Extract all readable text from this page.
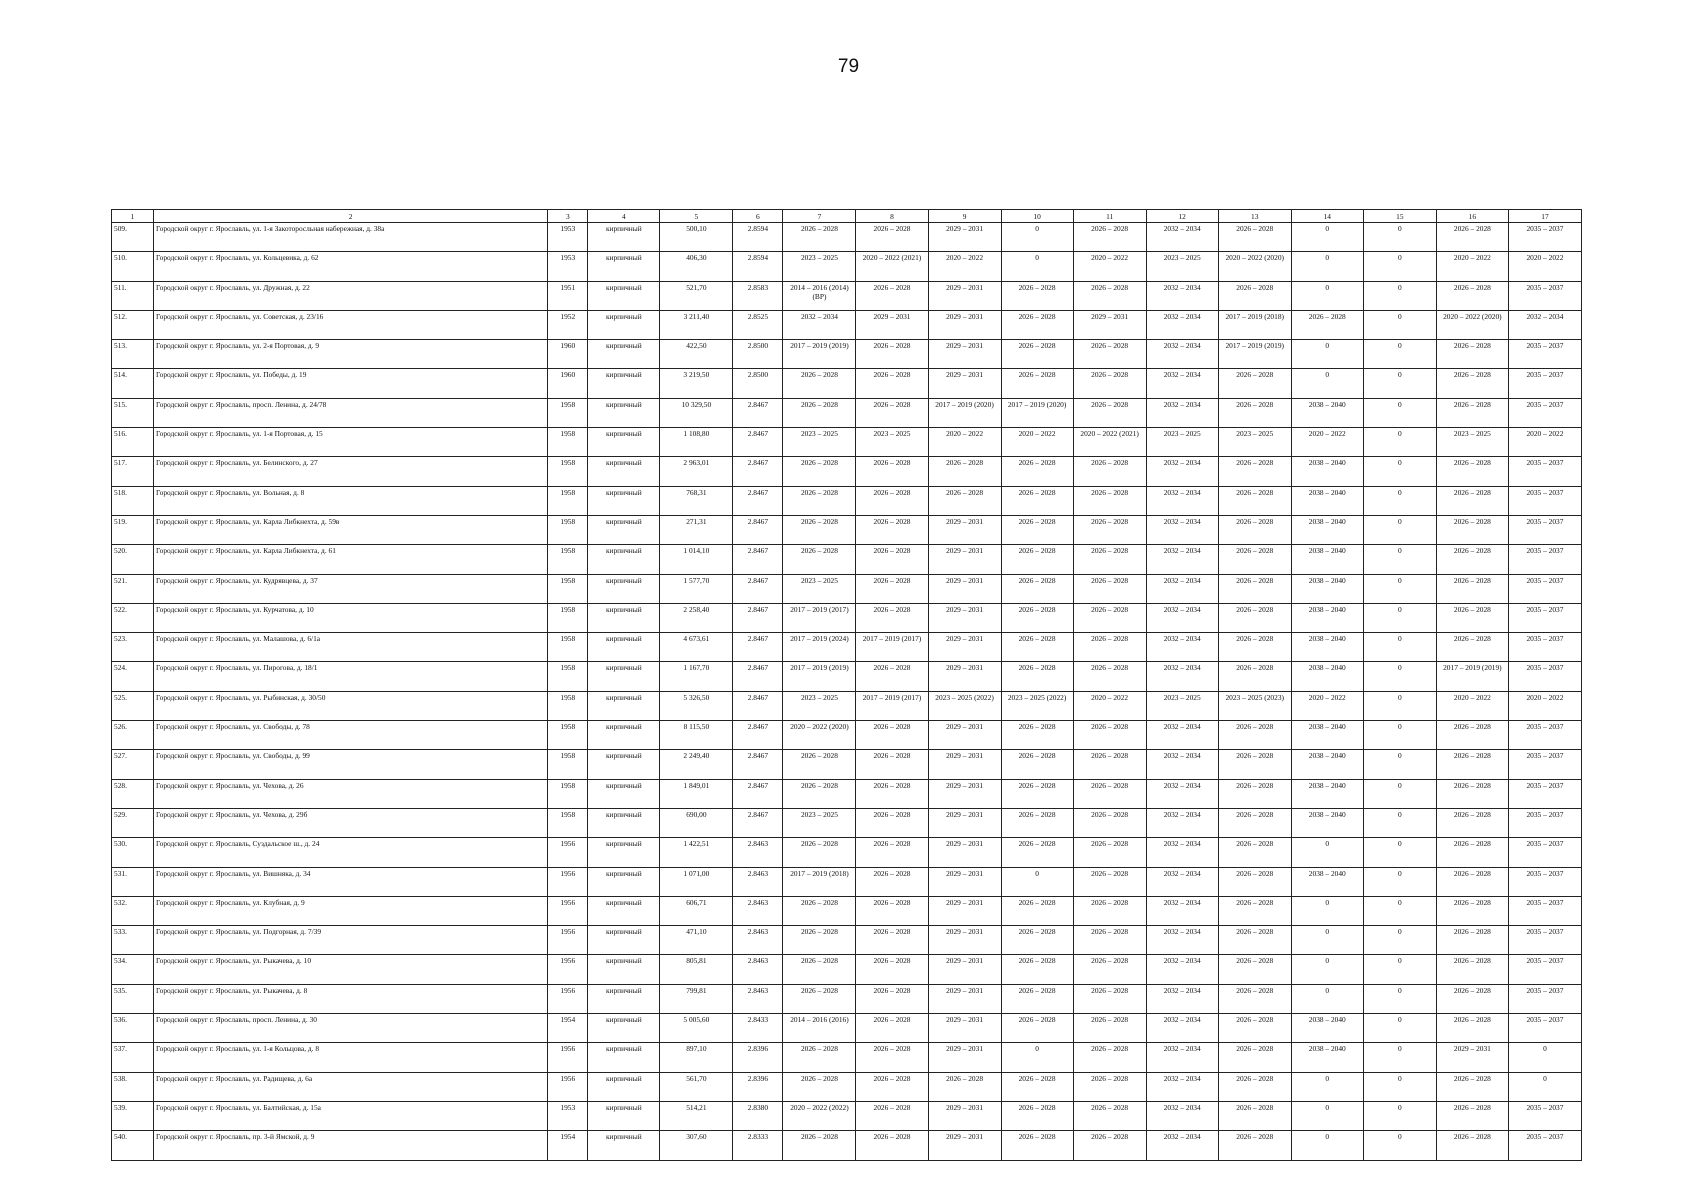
79
1	2	3	4	5	6	7	8	9	10	11	12	13	14	15	16	17
509.	Городской округ г. Ярославль, ул. 1-я Закоторосльная набережная, д. 38а	1953	кирпичный	500,10	2.8594	2026 – 2028	2026 – 2028	2029 – 2031	0	2026 – 2028	2032 – 2034	2026 – 2028	0	0	2026 – 2028	2035 – 2037
510.	Городской округ г. Ярославль, ул. Кольцевика, д. 62	1953	кирпичный	406,30	2.8594	2023 – 2025	2020 – 2022 (2021)	2020 – 2022	0	2020 – 2022	2023 – 2025	2020 – 2022 (2020)	0	0	2020 – 2022	2020 – 2022
511.	Городской округ г. Ярославль, ул. Дружная, д. 22	1951	кирпичный	521,70	2.8583	2014 – 2016 (2014) (ВР)	2026 – 2028	2029 – 2031	2026 – 2028	2026 – 2028	2032 – 2034	2026 – 2028	0	0	2026 – 2028	2035 – 2037
512.	Городской округ г. Ярославль, ул. Советская, д. 23/16	1952	кирпичный	3 211,40	2.8525	2032 – 2034	2029 – 2031	2029 – 2031	2026 – 2028	2029 – 2031	2032 – 2034	2017 – 2019 (2018)	2026 – 2028	0	2020 – 2022 (2020)	2032 – 2034
513.	Городской округ г. Ярославль, ул. 2-я Портовая, д. 9	1960	кирпичный	422,50	2.8500	2017 – 2019 (2019)	2026 – 2028	2029 – 2031	2026 – 2028	2026 – 2028	2032 – 2034	2017 – 2019 (2019)	0	0	2026 – 2028	2035 – 2037
514.	Городской округ г. Ярославль, ул. Победы, д. 19	1960	кирпичный	3 219,50	2.8500	2026 – 2028	2026 – 2028	2029 – 2031	2026 – 2028	2026 – 2028	2032 – 2034	2026 – 2028	0	0	2026 – 2028	2035 – 2037
515.	Городской округ г. Ярославль, просп. Ленина, д. 24/78	1958	кирпичный	10 329,50	2.8467	2026 – 2028	2026 – 2028	2017 – 2019 (2020)	2017 – 2019 (2020)	2026 – 2028	2032 – 2034	2026 – 2028	2038 – 2040	0	2026 – 2028	2035 – 2037
516.	Городской округ г. Ярославль, ул. 1-я Портовая, д. 15	1958	кирпичный	1 108,80	2.8467	2023 – 2025	2023 – 2025	2020 – 2022	2020 – 2022	2020 – 2022 (2021)	2023 – 2025	2023 – 2025	2020 – 2022	0	2023 – 2025	2020 – 2022
517.	Городской округ г. Ярославль, ул. Белинского, д. 27	1958	кирпичный	2 963,01	2.8467	2026 – 2028	2026 – 2028	2026 – 2028	2026 – 2028	2026 – 2028	2032 – 2034	2026 – 2028	2038 – 2040	0	2026 – 2028	2035 – 2037
518.	Городской округ г. Ярославль, ул. Вольная, д. 8	1958	кирпичный	768,31	2.8467	2026 – 2028	2026 – 2028	2026 – 2028	2026 – 2028	2026 – 2028	2032 – 2034	2026 – 2028	2038 – 2040	0	2026 – 2028	2035 – 2037
519.	Городской округ г. Ярославль, ул. Карла Либкнехта, д. 59в	1958	кирпичный	271,31	2.8467	2026 – 2028	2026 – 2028	2029 – 2031	2026 – 2028	2026 – 2028	2032 – 2034	2026 – 2028	2038 – 2040	0	2026 – 2028	2035 – 2037
520.	Городской округ г. Ярославль, ул. Карла Либкнехта, д. 61	1958	кирпичный	1 014,10	2.8467	2026 – 2028	2026 – 2028	2029 – 2031	2026 – 2028	2026 – 2028	2032 – 2034	2026 – 2028	2038 – 2040	0	2026 – 2028	2035 – 2037
521.	Городской округ г. Ярославль, ул. Кудрявцева, д. 37	1958	кирпичный	1 577,70	2.8467	2023 – 2025	2026 – 2028	2029 – 2031	2026 – 2028	2026 – 2028	2032 – 2034	2026 – 2028	2038 – 2040	0	2026 – 2028	2035 – 2037
522.	Городской округ г. Ярославль, ул. Курчатова, д. 10	1958	кирпичный	2 258,40	2.8467	2017 – 2019 (2017)	2026 – 2028	2029 – 2031	2026 – 2028	2026 – 2028	2032 – 2034	2026 – 2028	2038 – 2040	0	2026 – 2028	2035 – 2037
523.	Городской округ г. Ярославль, ул. Малашова, д. 6/1а	1958	кирпичный	4 673,61	2.8467	2017 – 2019 (2024)	2017 – 2019 (2017)	2029 – 2031	2026 – 2028	2026 – 2028	2032 – 2034	2026 – 2028	2038 – 2040	0	2026 – 2028	2035 – 2037
524.	Городской округ г. Ярославль, ул. Пирогова, д. 18/1	1958	кирпичный	1 167,70	2.8467	2017 – 2019 (2019)	2026 – 2028	2029 – 2031	2026 – 2028	2026 – 2028	2032 – 2034	2026 – 2028	2038 – 2040	0	2017 – 2019 (2019)	2035 – 2037
525.	Городской округ г. Ярославль, ул. Рыбинская, д. 30/50	1958	кирпичный	5 326,50	2.8467	2023 – 2025	2017 – 2019 (2017)	2023 – 2025 (2022)	2023 – 2025 (2022)	2020 – 2022	2023 – 2025	2023 – 2025 (2023)	2020 – 2022	0	2020 – 2022	2020 – 2022
526.	Городской округ г. Ярославль, ул. Свободы, д. 78	1958	кирпичный	8 115,50	2.8467	2020 – 2022 (2020)	2026 – 2028	2029 – 2031	2026 – 2028	2026 – 2028	2032 – 2034	2026 – 2028	2038 – 2040	0	2026 – 2028	2035 – 2037
527.	Городской округ г. Ярославль, ул. Свободы, д. 99	1958	кирпичный	2 249,40	2.8467	2026 – 2028	2026 – 2028	2029 – 2031	2026 – 2028	2026 – 2028	2032 – 2034	2026 – 2028	2038 – 2040	0	2026 – 2028	2035 – 2037
528.	Городской округ г. Ярославль, ул. Чехова, д. 26	1958	кирпичный	1 849,01	2.8467	2026 – 2028	2026 – 2028	2029 – 2031	2026 – 2028	2026 – 2028	2032 – 2034	2026 – 2028	2038 – 2040	0	2026 – 2028	2035 – 2037
529.	Городской округ г. Ярославль, ул. Чехова, д. 29б	1958	кирпичный	690,00	2.8467	2023 – 2025	2026 – 2028	2029 – 2031	2026 – 2028	2026 – 2028	2032 – 2034	2026 – 2028	2038 – 2040	0	2026 – 2028	2035 – 2037
530.	Городской округ г. Ярославль, Суздальское ш., д. 24	1956	кирпичный	1 422,51	2.8463	2026 – 2028	2026 – 2028	2029 – 2031	2026 – 2028	2026 – 2028	2032 – 2034	2026 – 2028	0	0	2026 – 2028	2035 – 2037
531.	Городской округ г. Ярославль, ул. Вишняка, д. 34	1956	кирпичный	1 071,00	2.8463	2017 – 2019 (2018)	2026 – 2028	2029 – 2031	0	2026 – 2028	2032 – 2034	2026 – 2028	2038 – 2040	0	2026 – 2028	2035 – 2037
532.	Городской округ г. Ярославль, ул. Клубная, д. 9	1956	кирпичный	606,71	2.8463	2026 – 2028	2026 – 2028	2029 – 2031	2026 – 2028	2026 – 2028	2032 – 2034	2026 – 2028	0	0	2026 – 2028	2035 – 2037
533.	Городской округ г. Ярославль, ул. Подгорная, д. 7/39	1956	кирпичный	471,10	2.8463	2026 – 2028	2026 – 2028	2029 – 2031	2026 – 2028	2026 – 2028	2032 – 2034	2026 – 2028	0	0	2026 – 2028	2035 – 2037
534.	Городской округ г. Ярославль, ул. Рыкачева, д. 10	1956	кирпичный	805,81	2.8463	2026 – 2028	2026 – 2028	2029 – 2031	2026 – 2028	2026 – 2028	2032 – 2034	2026 – 2028	0	0	2026 – 2028	2035 – 2037
535.	Городской округ г. Ярославль, ул. Рыкачева, д. 8	1956	кирпичный	799,81	2.8463	2026 – 2028	2026 – 2028	2029 – 2031	2026 – 2028	2026 – 2028	2032 – 2034	2026 – 2028	0	0	2026 – 2028	2035 – 2037
536.	Городской округ г. Ярославль, просп. Ленина, д. 30	1954	кирпичный	5 005,60	2.8433	2014 – 2016 (2016)	2026 – 2028	2029 – 2031	2026 – 2028	2026 – 2028	2032 – 2034	2026 – 2028	2038 – 2040	0	2026 – 2028	2035 – 2037
537.	Городской округ г. Ярославль, ул. 1-я Кольцова, д. 8	1956	кирпичный	897,10	2.8396	2026 – 2028	2026 – 2028	2029 – 2031	0	2026 – 2028	2032 – 2034	2026 – 2028	2038 – 2040	0	2029 – 2031	0
538.	Городской округ г. Ярославль, ул. Радищева, д. 6а	1956	кирпичный	561,70	2.8396	2026 – 2028	2026 – 2028	2026 – 2028	2026 – 2028	2026 – 2028	2032 – 2034	2026 – 2028	0	0	2026 – 2028	0
539.	Городской округ г. Ярославль, ул. Балтийская, д. 15а	1953	кирпичный	514,21	2.8380	2020 – 2022 (2022)	2026 – 2028	2029 – 2031	2026 – 2028	2026 – 2028	2032 – 2034	2026 – 2028	0	0	2026 – 2028	2035 – 2037
540.	Городской округ г. Ярославль, пр. 3-й Ямской, д. 9	1954	кирпичный	307,60	2.8333	2026 – 2028	2026 – 2028	2029 – 2031	2026 – 2028	2026 – 2028	2032 – 2034	2026 – 2028	0	0	2026 – 2028	2035 – 2037
